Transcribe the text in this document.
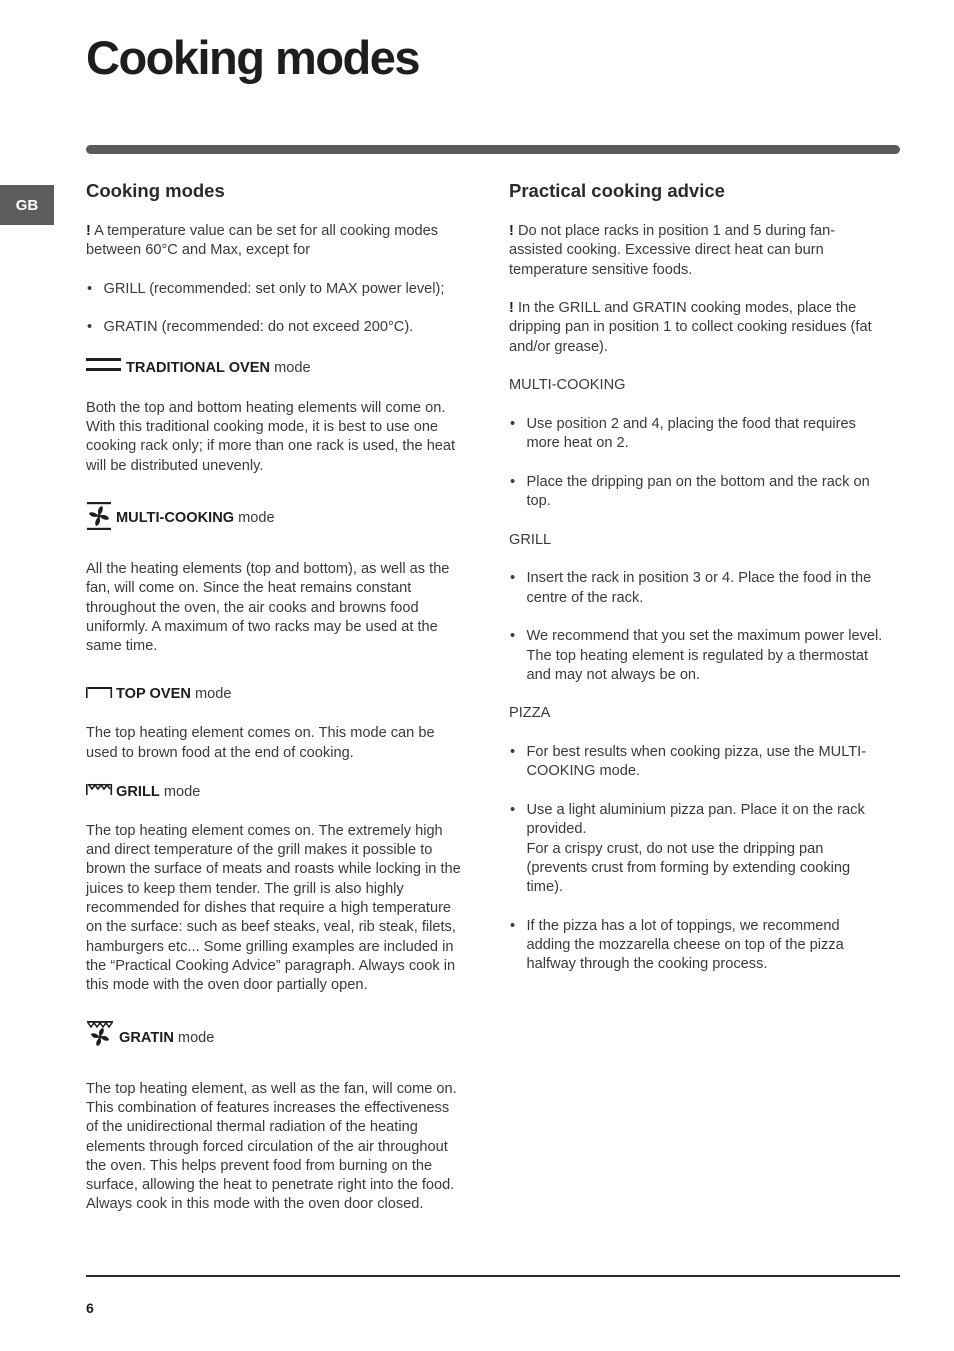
Cooking modes
GB
Cooking modes

! A temperature value can be set for all cooking modes between 60°C and Max, except for

• GRILL (recommended: set only to MAX power level);
• GRATIN (recommended: do not exceed 200°C).
TRADITIONAL OVEN mode

Both the top and bottom heating elements will come on. With this traditional cooking mode, it is best to use one cooking rack only; if more than one rack is used, the heat will be distributed unevenly.

MULTI-COOKING mode

All the heating elements (top and bottom), as well as the fan, will come on. Since the heat remains constant throughout the oven, the air cooks and browns food uniformly. A maximum of two racks may be used at the same time.

TOP OVEN mode

The top heating element comes on. This mode can be used to brown food at the end of cooking.

GRILL mode

The top heating element comes on. The extremely high and direct temperature of the grill makes it possible to brown the surface of meats and roasts while locking in the juices to keep them tender. The grill is also highly recommended for dishes that require a high temperature on the surface: such as beef steaks, veal, rib steak, filets, hamburgers etc... Some grilling examples are included in the “Practical Cooking Advice” paragraph. Always cook in this mode with the oven door partially open.

GRATIN mode

The top heating element, as well as the fan, will come on. This combination of features increases the effectiveness of the unidirectional thermal radiation of the heating elements through forced circulation of the air throughout the oven. This helps prevent food from burning on the surface, allowing the heat to penetrate right into the food. Always cook in this mode with the oven door closed.

Practical cooking advice

! Do not place racks in position 1 and 5 during fan-assisted cooking. Excessive direct heat can burn temperature sensitive foods.

! In the GRILL and GRATIN cooking modes, place the dripping pan in position 1 to collect cooking residues (fat and/or grease).

MULTI-COOKING

• Use position 2 and 4, placing the food that requires more heat on 2.
• Place the dripping pan on the bottom and the rack on top.

GRILL

• Insert the rack in position 3 or 4. Place the food in the centre of the rack.
• We recommend that you set the maximum power level. The top heating element is regulated by a thermostat and may not always be on.

PIZZA

• For best results when cooking pizza, use the MULTI-COOKING mode.
• Use a light aluminium pizza pan. Place it on the rack provided.
For a crispy crust, do not use the dripping pan (prevents crust from forming by extending cooking time).
• If the pizza has a lot of toppings, we recommend adding the mozzarella cheese on top of the pizza halfway through the cooking process.
6
